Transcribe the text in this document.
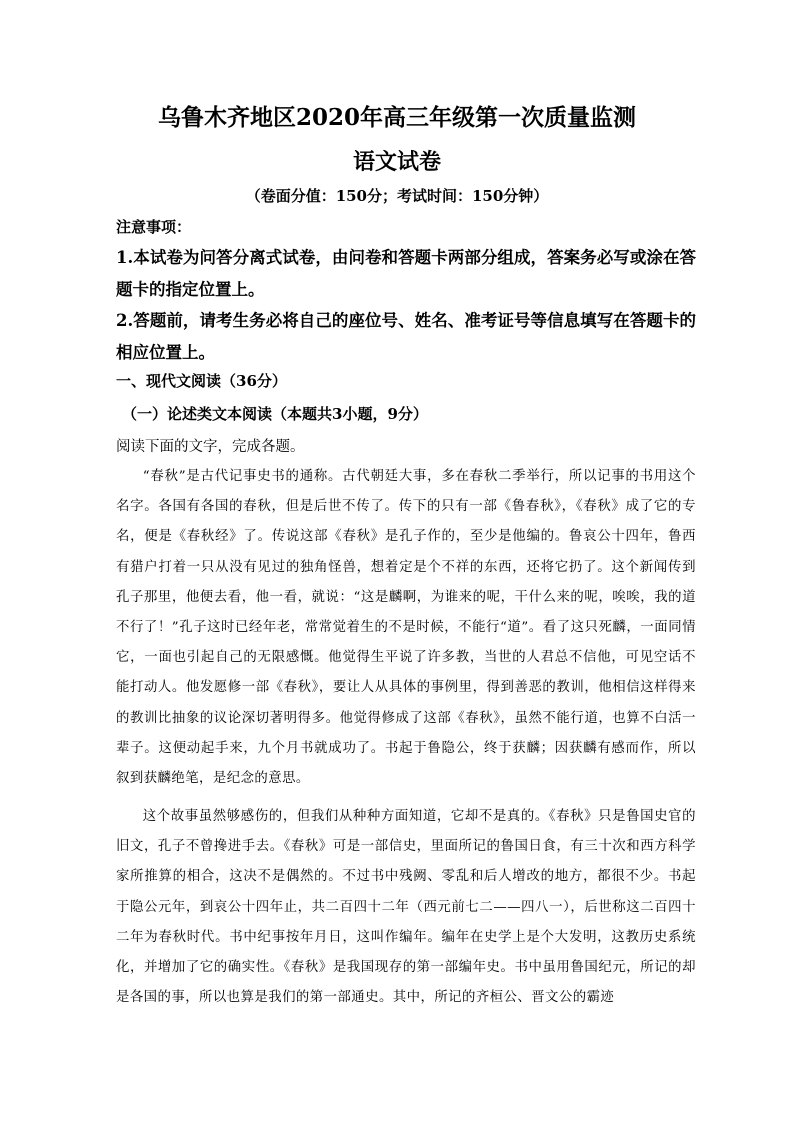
乌鲁木齐地区2020年高三年级第一次质量监测
语文试卷
（卷面分值：150分；考试时间：150分钟）
注意事项：
1.本试卷为问答分离式试卷，由问卷和答题卡两部分组成，答案务必写或涂在答题卡的指定位置上。
2.答题前，请考生务必将自己的座位号、姓名、准考证号等信息填写在答题卡的相应位置上。
一、现代文阅读（36分）
（一）论述类文本阅读（本题共3小题，9分）
阅读下面的文字，完成各题。
“春秋”是古代记事史书的通称。古代朝廷大事，多在春秋二季举行，所以记事的书用这个名字。各国有各国的春秋，但是后世不传了。传下的只有一部《鲁春秋》，《春秋》成了它的专名，便是《春秋经》了。传说这部《春秋》是孔子作的，至少是他编的。鲁哀公十四年，鲁西有猎户打着一只从没有见过的独角怪兽，想着定是个不祥的东西，还将它扔了。这个新闻传到孔子那里，他便去看，他一看，就说：“这是麟啊，为谁来的呢，干什么来的呢，唉唉，我的道不行了！”孔子这时已经年老，常常觉着生的不是时候，不能行“道”。看了这只死麟，一面同情它，一面也引起自己的无限感慨。他觉得生平说了许多教，当世的人君总不信他，可见空话不能打动人。他发愿修一部《春秋》，要让人从具体的事例里，得到善恶的教训，他相信这样得来的教训比抽象的议论深切著明得多。他觉得修成了这部《春秋》，虽然不能行道，也算不白活一辈子。这便动起手来，九个月书就成功了。书起于鲁隐公，终于获麟；因获麟有感而作，所以叙到获麟绝笔，是纪念的意思。
这个故事虽然够感伤的，但我们从种种方面知道，它却不是真的。《春秋》只是鲁国史官的旧文，孔子不曾搀进手去。《春秋》可是一部信史，里面所记的鲁国日食，有三十次和西方科学家所推算的相合，这决不是偶然的。不过书中残阙、零乱和后人增改的地方，都很不少。书起于隐公元年，到哀公十四年止，共二百四十二年（西元前七二——四八一），后世称这二百四十二年为春秋时代。书中纪事按年月日，这叫作编年。编年在史学上是个大发明，这教历史系统化，并增加了它的确实性。《春秋》是我国现存的第一部编年史。书中虽用鲁国纪元，所记的却是各国的事，所以也算是我们的第一部通史。其中，所记的齐桓公、晋文公的霸迹
